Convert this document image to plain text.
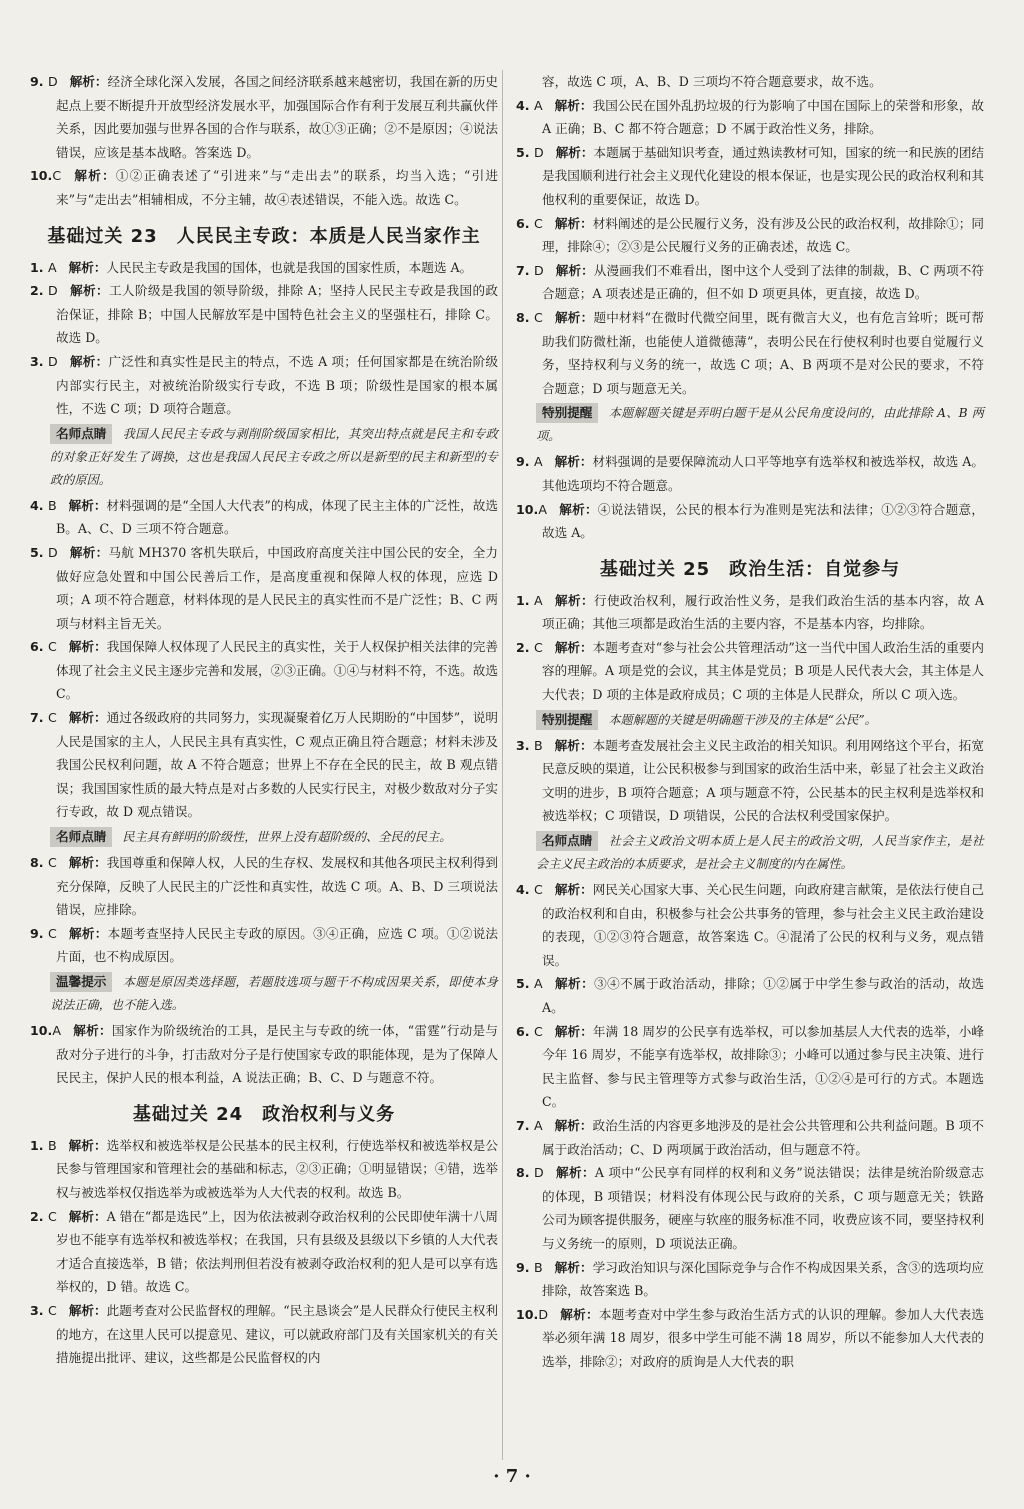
9. D 解析 ： 经济全球化深入发展，各国之间经济联系越来越密切，我国在新的历史起点上要不断提升开放型经济发展水平，加强国际合作有利于发展互利共赢伙伴关系，因此要加强与世界各国的合作与联系，故①③正确；②不是原因；④说法错误，应该是基本战略。答案选 D。

10.C 解析 ： ①②正确表述了“引进来”与“走出去”的联系，均当入选；“引进来”与“走出去”相辅相成，不分主辅，故④表述错误，不能入选。故选 C。

基础过关 23　人民民主专政：本质是人民当家作主

1. A 解析 ： 人民民主专政是我国的国体，也就是我国的国家性质，本题选 A。

2. D 解析 ： 工人阶级是我国的领导阶级，排除 A；坚持人民民主专政是我国的政治保证，排除 B；中国人民解放军是中国特色社会主义的坚强柱石，排除 C。故选 D。

3. D 解析 ： 广泛性和真实性是民主的特点，不选 A 项；任何国家都是在统治阶级内部实行民主，对被统治阶级实行专政，不选 B 项；阶级性是国家的根本属性，不选 C 项；D 项符合题意。

名师点睛 我国人民民主专政与剥削阶级国家相比，其突出特点就是民主和专政的对象正好发生了调换，这也是我国人民民主专政之所以是新型的民主和新型的专政的原因。

4. B 解析 ： 材料强调的是“全国人大代表”的构成，体现了民主主体的广泛性，故选 B。A、C、D 三项不符合题意。

5. D 解析 ： 马航 MH370 客机失联后，中国政府高度关注中国公民的安全，全力做好应急处置和中国公民善后工作，是高度重视和保障人权的体现，应选 D 项；A 项不符合题意，材料体现的是人民民主的真实性而不是广泛性；B、C 两项与材料主旨无关。

6. C 解析 ： 我国保障人权体现了人民民主的真实性，关于人权保护相关法律的完善体现了社会主义民主逐步完善和发展，②③正确。①④与材料不符，不选。故选 C。

7. C 解析 ： 通过各级政府的共同努力，实现凝聚着亿万人民期盼的“中国梦”，说明人民是国家的主人，人民民主具有真实性，C 观点正确且符合题意；材料未涉及我国公民权利问题，故 A 不符合题意；世界上不存在全民的民主，故 B 观点错误；我国国家性质的最大特点是对占多数的人民实行民主，对极少数敌对分子实行专政，故 D 观点错误。

名师点睛 民主具有鲜明的阶级性，世界上没有超阶级的、全民的民主。

8. C 解析 ： 我国尊重和保障人权，人民的生存权、发展权和其他各项民主权利得到充分保障，反映了人民民主的广泛性和真实性，故选 C 项。A、B、D 三项说法错误，应排除。

9. C 解析 ： 本题考查坚持人民民主专政的原因。③④正确，应选 C 项。①②说法片面，也不构成原因。

温馨提示 本题是原因类选择题，若题肢选项与题干不构成因果关系，即使本身说法正确，也不能入选。

10.A 解析 ： 国家作为阶级统治的工具，是民主与专政的统一体，“雷霆”行动是与敌对分子进行的斗争，打击敌对分子是行使国家专政的职能体现，是为了保障人民民主，保护人民的根本利益，A 说法正确；B、C、D 与题意不符。

基础过关 24　政治权利与义务

1. B 解析 ： 选举权和被选举权是公民基本的民主权利，行使选举权和被选举权是公民参与管理国家和管理社会的基础和标志，②③正确；①明显错误；④错，选举权与被选举权仅指选举为或被选举为人大代表的权利。故选 B。

2. C 解析 ： A 错在“都是选民”上，因为依法被剥夺政治权利的公民即使年满十八周岁也不能享有选举权和被选举权；在我国，只有县级及县级以下乡镇的人大代表才适合直接选举，B 错；依法判刑但若没有被剥夺政治权利的犯人是可以享有选举权的，D 错。故选 C。

3. C 解析 ： 此题考查对公民监督权的理解。“民主恳谈会”是人民群众行使民主权利的地方，在这里人民可以提意见、建议，可以就政府部门及有关国家机关的有关措施提出批评、建议，这些都是公民监督权的内

容，故选 C 项，A、B、D 三项均不符合题意要求，故不选。

4. A 解析 ： 我国公民在国外乱扔垃圾的行为影响了中国在国际上的荣誉和形象，故 A 正确；B、C 都不符合题意；D 不属于政治性义务，排除。

5. D 解析 ： 本题属于基础知识考查，通过熟读教材可知，国家的统一和民族的团结是我国顺利进行社会主义现代化建设的根本保证，也是实现公民的政治权利和其他权利的重要保证，故选 D。

6. C 解析 ： 材料阐述的是公民履行义务，没有涉及公民的政治权利，故排除①；同理，排除④；②③是公民履行义务的正确表述，故选 C。

7. D 解析 ： 从漫画我们不难看出，图中这个人受到了法律的制裁，B、C 两项不符合题意；A 项表述是正确的，但不如 D 项更具体，更直接，故选 D。

8. C 解析 ： 题中材料“在微时代微空间里，既有微言大义，也有危言耸听；既可帮助我们防微杜渐，也能使人道微德薄”，表明公民在行使权利时也要自觉履行义务，坚持权利与义务的统一，故选 C 项；A、B 两项不是对公民的要求，不符合题意；D 项与题意无关。

特别提醒 本题解题关键是弄明白题干是从公民角度设问的，由此排除 A、B 两项。

9. A 解析 ： 材料强调的是要保障流动人口平等地享有选举权和被选举权，故选 A。其他选项均不符合题意。

10.A 解析 ： ④说法错误，公民的根本行为准则是宪法和法律；①②③符合题意，故选 A。

基础过关 25　政治生活：自觉参与

1. A 解析 ： 行使政治权利，履行政治性义务，是我们政治生活的基本内容，故 A 项正确；其他三项都是政治生活的主要内容，不是基本内容，均排除。

2. C 解析 ： 本题考查对“参与社会公共管理活动”这一当代中国人政治生活的重要内容的理解。A 项是党的会议，其主体是党员；B 项是人民代表大会，其主体是人大代表；D 项的主体是政府成员；C 项的主体是人民群众，所以 C 项入选。

特别提醒 本题解题的关键是明确题干涉及的主体是“公民”。

3. B 解析 ： 本题考查发展社会主义民主政治的相关知识。利用网络这个平台，拓宽民意反映的渠道，让公民积极参与到国家的政治生活中来，彰显了社会主义政治文明的进步，B 项符合题意；A 项与题意不符，公民基本的民主权利是选举权和被选举权；C 项错误，D 项错误，公民的合法权利受国家保护。

名师点睛 社会主义政治文明本质上是人民主的政治文明，人民当家作主，是社会主义民主政治的本质要求，是社会主义制度的内在属性。

4. C 解析 ： 网民关心国家大事、关心民生问题，向政府建言献策，是依法行使自己的政治权利和自由，积极参与社会公共事务的管理，参与社会主义民主政治建设的表现，①②③符合题意，故答案选 C。④混淆了公民的权利与义务，观点错误。

5. A 解析 ： ③④不属于政治活动，排除；①②属于中学生参与政治的活动，故选 A。

6. C 解析 ： 年满 18 周岁的公民享有选举权，可以参加基层人大代表的选举，小峰今年 16 周岁，不能享有选举权，故排除③；小峰可以通过参与民主决策、进行民主监督、参与民主管理等方式参与政治生活，①②④是可行的方式。本题选 C。

7. A 解析 ： 政治生活的内容更多地涉及的是社会公共管理和公共利益问题。B 项不属于政治活动；C、D 两项属于政治活动，但与题意不符。

8. D 解析 ： A 项中“公民享有同样的权利和义务”说法错误；法律是统治阶级意志的体现，B 项错误；材料没有体现公民与政府的关系，C 项与题意无关；铁路公司为顾客提供服务，硬座与软座的服务标准不同，收费应该不同，要坚持权利与义务统一的原则，D 项说法正确。

9. B 解析 ： 学习政治知识与深化国际竞争与合作不构成因果关系，含③的选项均应排除，故答案选 B。

10.D 解析 ： 本题考查对中学生参与政治生活方式的认识的理解。参加人大代表选举必须年满 18 周岁，很多中学生可能不满 18 周岁，所以不能参加人大代表的选举，排除②；对政府的质询是人大代表的职

· 7 ·
